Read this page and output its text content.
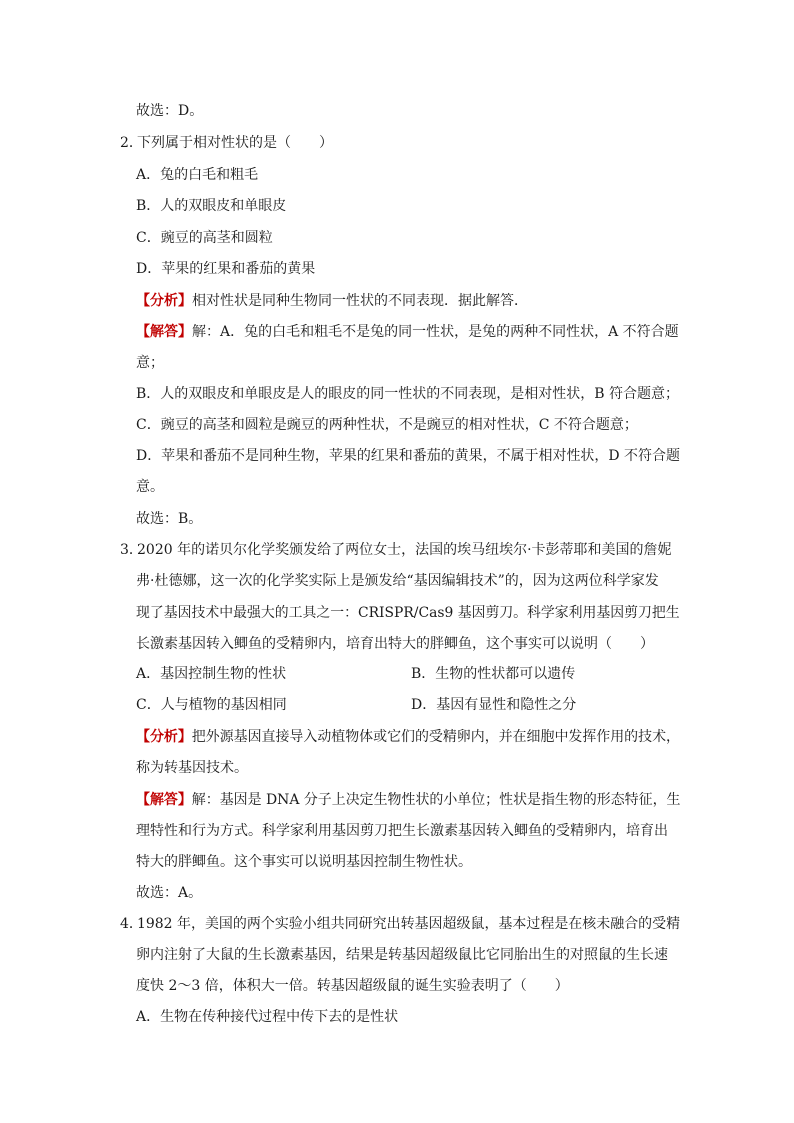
故选：D。
2．
下列属于相对性状的是（　　）
A．兔的白毛和粗毛
B．人的双眼皮和单眼皮
C．豌豆的高茎和圆粒
D．苹果的红果和番茄的黄果
【分析】相对性状是同种生物同一性状的不同表现．据此解答．
【解答】解：A．兔的白毛和粗毛不是兔的同一性状，是兔的两种不同性状，A 不符合题
意；
B．人的双眼皮和单眼皮是人的眼皮的同一性状的不同表现，是相对性状，B 符合题意；
C．豌豆的高茎和圆粒是豌豆的两种性状，不是豌豆的相对性状，C 不符合题意；
D．苹果和番茄不是同种生物，苹果的红果和番茄的黄果，不属于相对性状，D 不符合题
意。
故选：B。
3．
2020 年的诺贝尔化学奖颁发给了两位女士，法国的埃马纽埃尔·卡彭蒂耶和美国的詹妮
弗·杜德娜，这一次的化学奖实际上是颁发给“基因编辑技术”的，因为这两位科学家发
现了基因技术中最强大的工具之一：CRISPR/Cas9 基因剪刀。科学家利用基因剪刀把生
长激素基因转入鲫鱼的受精卵内，培育出特大的胖鲫鱼，这个事实可以说明（　　）
A．基因控制生物的性状	B．生物的性状都可以遗传
C．人与植物的基因相同	D．基因有显性和隐性之分
【分析】把外源基因直接导入动植物体或它们的受精卵内，并在细胞中发挥作用的技术，
称为转基因技术。
【解答】解：基因是 DNA 分子上决定生物性状的小单位；性状是指生物的形态特征，生
理特性和行为方式。科学家利用基因剪刀把生长激素基因转入鲫鱼的受精卵内，培育出
特大的胖鲫鱼。这个事实可以说明基因控制生物性状。
故选：A。
4．
1982 年，美国的两个实验小组共同研究出转基因超级鼠，基本过程是在核未融合的受精
卵内注射了大鼠的生长激素基因，结果是转基因超级鼠比它同胎出生的对照鼠的生长速
度快 2～3 倍，体积大一倍。转基因超级鼠的诞生实验表明了（　　）
A．生物在传种接代过程中传下去的是性状
